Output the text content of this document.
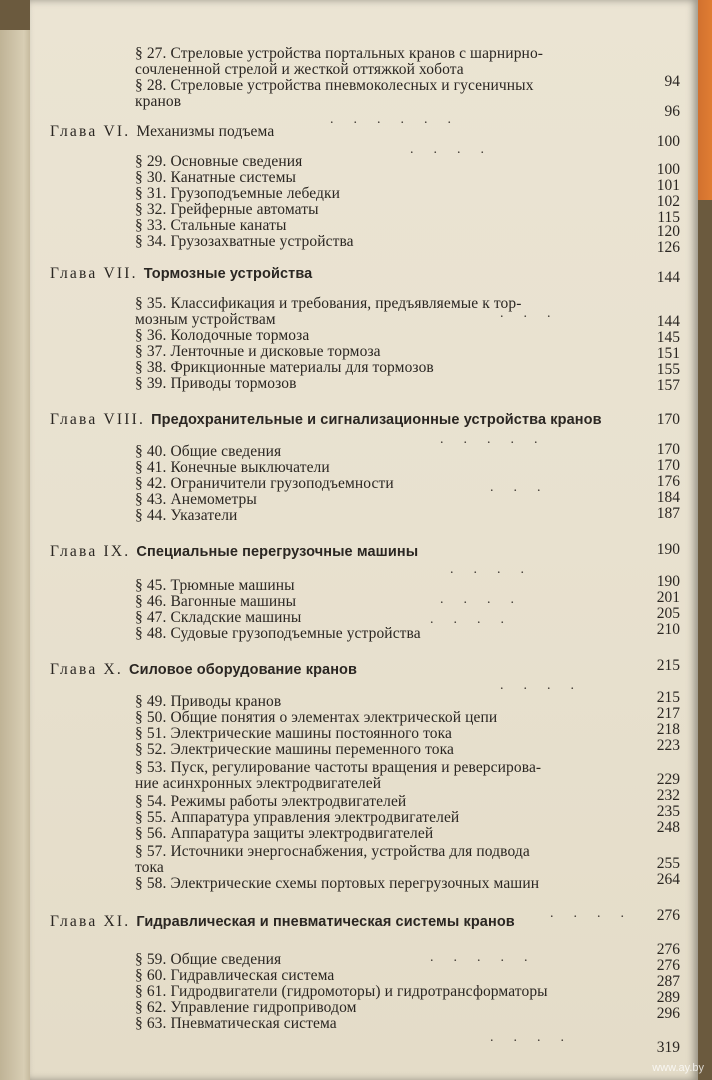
319
§ 27. Стреловые устройства портальных кранов с шарнирно-
сочлененной стрелой и жесткой оттяжкой хобота
§ 28. Стреловые устройства пневмоколесных и гусеничных
кранов
Глава VI. Механизмы подъема
§ 29. Основные сведения
§ 30. Канатные системы
§ 31. Грузоподъемные лебедки
§ 32. Грейферные автоматы
§ 33. Стальные канаты
§ 34. Грузозахватные устройства
Глава VII. Тормозные устройства
§ 35. Классификация и требования, предъявляемые к тор-
мозным устройствам
§ 36. Колодочные тормоза
§ 37. Ленточные и дисковые тормоза
§ 38. Фрикционные материалы для тормозов
§ 39. Приводы тормозов
Глава VIII. Предохранительные и сигнализационные устройства кранов
§ 40. Общие сведения
§ 41. Конечные выключатели
§ 42. Ограничители грузоподъемности
§ 43. Анемометры
§ 44. Указатели
Глава IX. Специальные перегрузочные машины
§ 45. Трюмные машины
§ 46. Вагонные машины
§ 47. Складские машины
§ 48. Судовые грузоподъемные устройства
Глава X. Силовое оборудование кранов
§ 49. Приводы кранов
§ 50. Общие понятия о элементах электрической цепи
§ 51. Электрические машины постоянного тока
§ 52. Электрические машины переменного тока
§ 53. Пуск, регулирование частоты вращения и реверсирова-
ние асинхронных электродвигателей
§ 54. Режимы работы электродвигателей
§ 55. Аппаратура управления электродвигателей
§ 56. Аппаратура защиты электродвигателей
§ 57. Источники энергоснабжения, устройства для подвода
тока
§ 58. Электрические схемы портовых перегрузочных машин
Глава XI. Гидравлическая и пневматическая системы кранов
§ 59. Общие сведения
§ 60. Гидравлическая система
§ 61. Гидродвигатели (гидромоторы) и гидротрансформаторы
§ 62. Управление гидроприводом
§ 63. Пневматическая система
94
96
100
100
101
102
115
120
126
144
144
145
151
155
157
170
170
170
176
184
187
190
190
201
205
210
215
215
217
218
223
229
232
235
248
255
264
276
276
276
287
289
296
......
....
...
.....
...
....
....
....
....
....
.....
....
www.ay.by
